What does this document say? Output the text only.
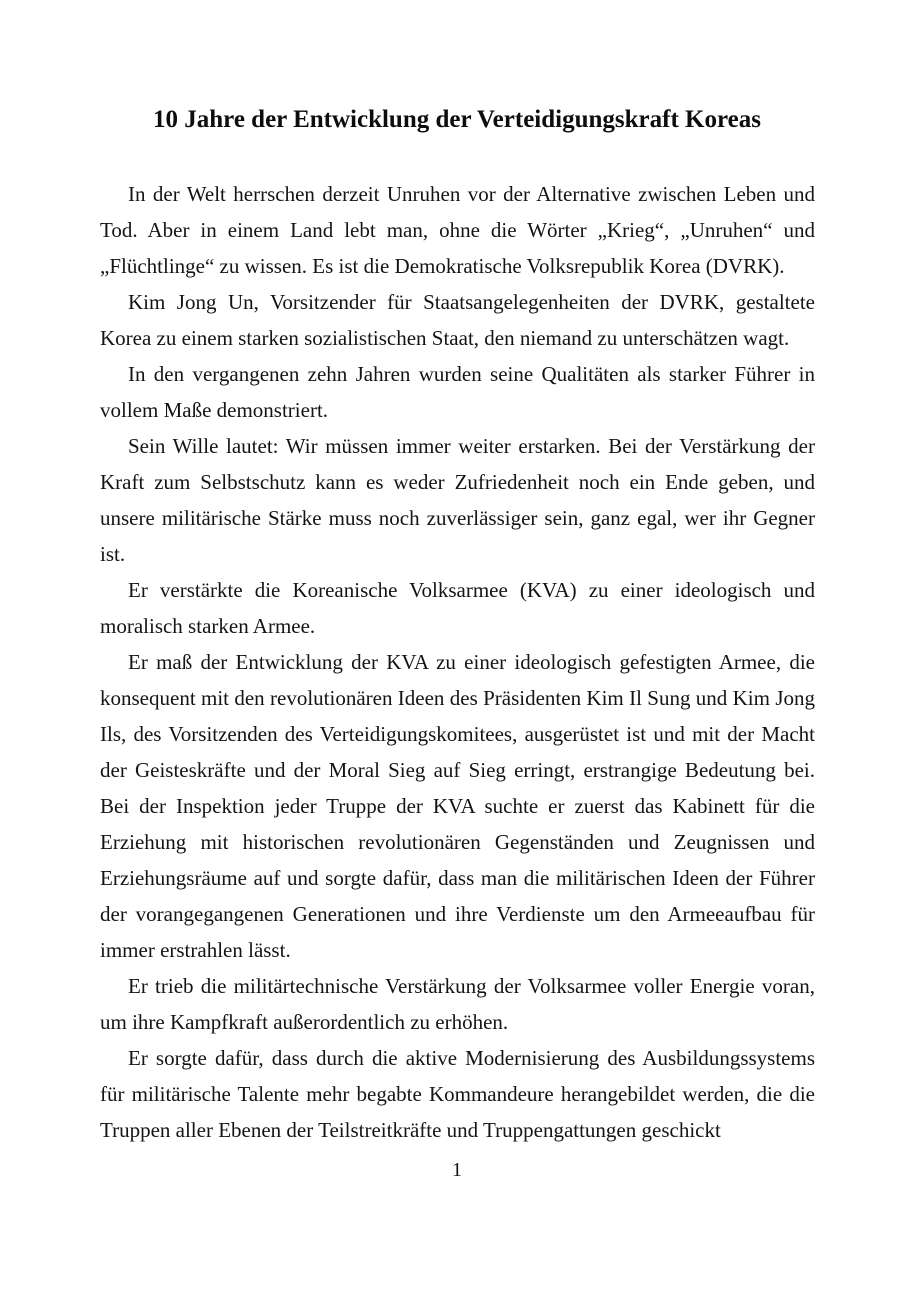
10 Jahre der Entwicklung der Verteidigungskraft Koreas

In der Welt herrschen derzeit Unruhen vor der Alternative zwischen Leben und Tod. Aber in einem Land lebt man, ohne die Wörter „Krieg“, „Unruhen“ und „Flüchtlinge“ zu wissen. Es ist die Demokratische Volksrepublik Korea (DVRK).

Kim Jong Un, Vorsitzender für Staatsangelegenheiten der DVRK, gestaltete Korea zu einem starken sozialistischen Staat, den niemand zu unterschätzen wagt.

In den vergangenen zehn Jahren wurden seine Qualitäten als starker Führer in vollem Maße demonstriert.

Sein Wille lautet: Wir müssen immer weiter erstarken. Bei der Verstärkung der Kraft zum Selbstschutz kann es weder Zufriedenheit noch ein Ende geben, und unsere militärische Stärke muss noch zuverlässiger sein, ganz egal, wer ihr Gegner ist.

Er verstärkte die Koreanische Volksarmee (KVA) zu einer ideologisch und moralisch starken Armee.

Er maß der Entwicklung der KVA zu einer ideologisch gefestigten Armee, die konsequent mit den revolutionären Ideen des Präsidenten Kim Il Sung und Kim Jong Ils, des Vorsitzenden des Verteidigungskomitees, ausgerüstet ist und mit der Macht der Geisteskräfte und der Moral Sieg auf Sieg erringt, erstrangige Bedeutung bei. Bei der Inspektion jeder Truppe der KVA suchte er zuerst das Kabinett für die Erziehung mit historischen revolutionären Gegenständen und Zeugnissen und Erziehungsräume auf und sorgte dafür, dass man die militärischen Ideen der Führer der vorangegangenen Generationen und ihre Verdienste um den Armeeaufbau für immer erstrahlen lässt.

Er trieb die militärtechnische Verstärkung der Volksarmee voller Energie voran, um ihre Kampfkraft außerordentlich zu erhöhen.

Er sorgte dafür, dass durch die aktive Modernisierung des Ausbildungssystems für militärische Talente mehr begabte Kommandeure herangebildet werden, die die Truppen aller Ebenen der Teilstreitkräfte und Truppengattungen geschickt

1
